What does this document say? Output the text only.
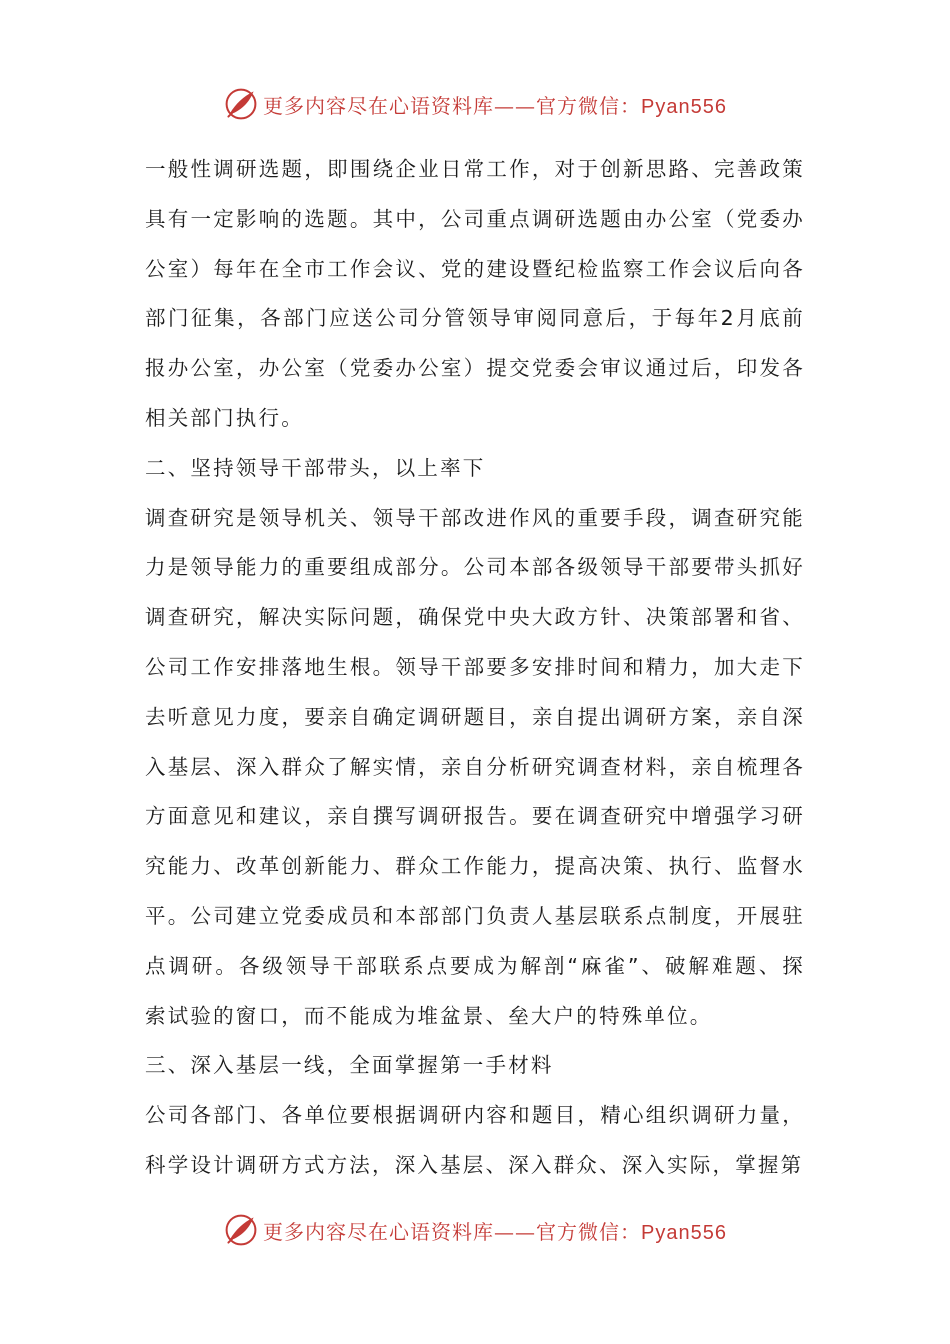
更多内容尽在心语资料库——官方微信：Pyan556

一般性调研选题，即围绕企业日常工作，对于创新思路、完善政策具有一定影响的选题。其中，公司重点调研选题由办公室（党委办公室）每年在全市工作会议、党的建设暨纪检监察工作会议后向各部门征集，各部门应送公司分管领导审阅同意后，于每年2月底前报办公室，办公室（党委办公室）提交党委会审议通过后，印发各相关部门执行。

二、坚持领导干部带头，以上率下

调查研究是领导机关、领导干部改进作风的重要手段，调查研究能力是领导能力的重要组成部分。公司本部各级领导干部要带头抓好调查研究，解决实际问题，确保党中央大政方针、决策部署和省、公司工作安排落地生根。领导干部要多安排时间和精力，加大走下去听意见力度，要亲自确定调研题目，亲自提出调研方案，亲自深入基层、深入群众了解实情，亲自分析研究调查材料，亲自梳理各方面意见和建议，亲自撰写调研报告。要在调查研究中增强学习研究能力、改革创新能力、群众工作能力，提高决策、执行、监督水平。公司建立党委成员和本部部门负责人基层联系点制度，开展驻点调研。各级领导干部联系点要成为解剖“麻雀”、破解难题、探索试验的窗口，而不能成为堆盆景、垒大户的特殊单位。

三、深入基层一线，全面掌握第一手材料

公司各部门、各单位要根据调研内容和题目，精心组织调研力量，科学设计调研方式方法，深入基层、深入群众、深入实际，掌握第

更多内容尽在心语资料库——官方微信：Pyan556
